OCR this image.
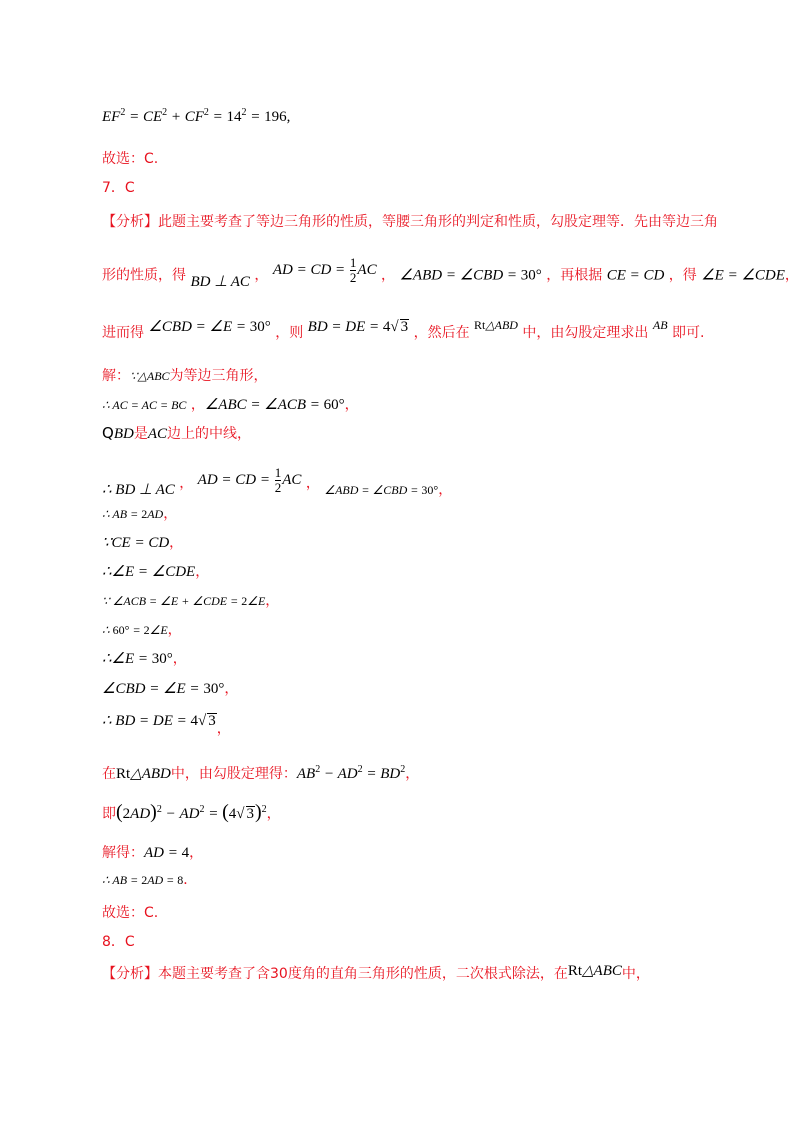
$EF^2 = CE^2 + CF^2 = 14^2 = 196$,
故选：C.
7．C
【分析】此题主要考查了等边三角形的性质，等腰三角形的判定和性质，勾股定理等．先由等边三角
形的性质，得 BD ⊥ AC ， AD = CD = $\frac{1}{2}$ AC ， ∠ABD = ∠CBD = 30° ，再根据 CE = CD ，得 ∠E = ∠CDE，
进而得 ∠CBD = ∠E = 30° ，则 BD = DE = 4√ 3 ，然后在 Rt△ABD 中，由勾股定理求出 AB 即可.
解：∵△ABC为等边三角形，
∴ AC = AC = BC ，∠ABC = ∠ACB = 60°，
QBD是AC边上的中线，
∴ BD ⊥ AC ， AD = CD = $\frac{1}{2}$ AC ， ∠ABD = ∠CBD = 30°，
∴ AB = 2AD，
∵CE = CD，
∴∠E = ∠CDE，
∵ ∠ACB = ∠E + ∠CDE = 2∠E，
∴ 60° = 2∠E，
∴∠E = 30°，
∠CBD = ∠E = 30°，
∴ BD = DE = 4√ 3，
在Rt△ABD中，由勾股定理得：$AB^2 - AD^2 = BD^2$，
即$(2AD)^2 - AD^2 = (4√$ 3)$^2$，
解得：AD = 4，
∴ AB = 2AD = 8．
故选：C.
8．C
【分析】本题主要考查了含30度角的直角三角形的性质，二次根式除法，在Rt△ABC中，
